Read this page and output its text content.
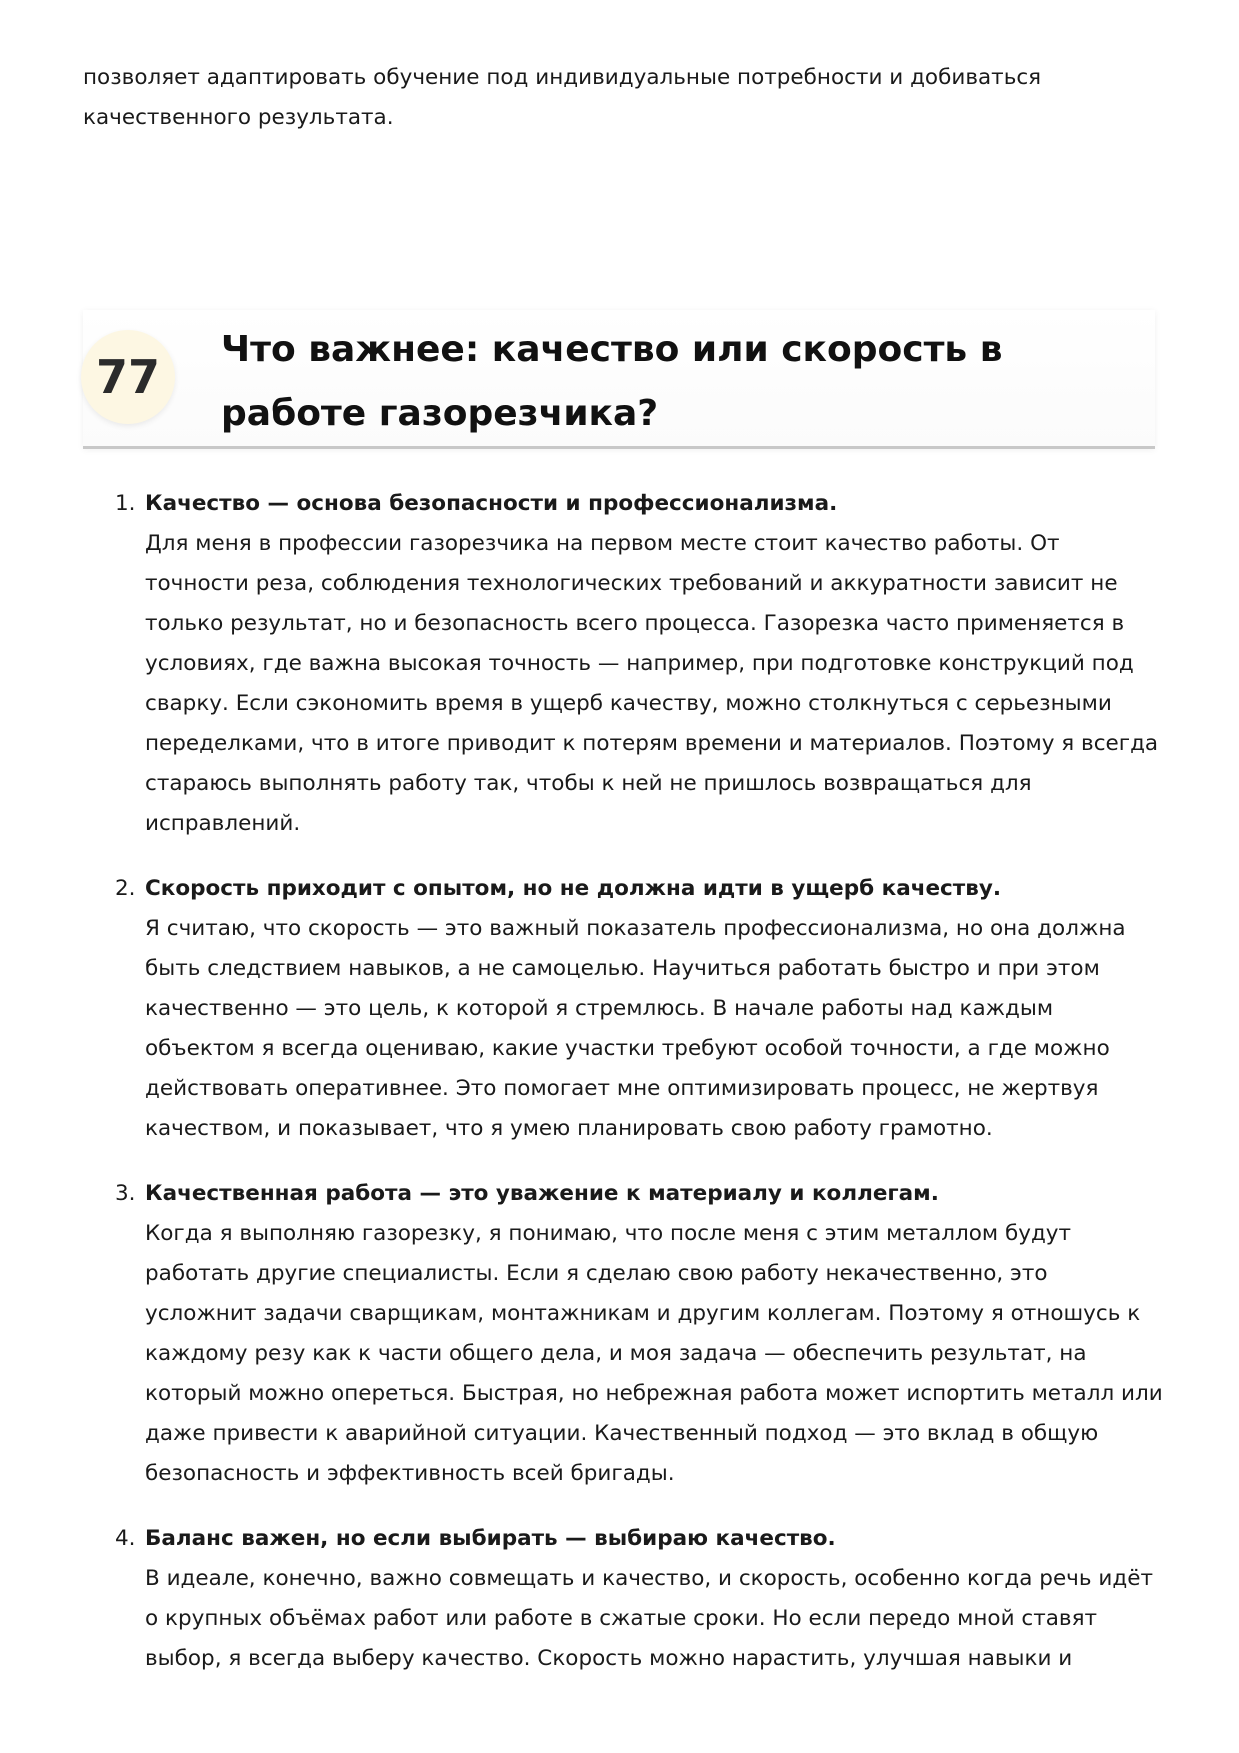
позволяет адаптировать обучение под индивидуальные потребности и добиваться качественного результата.

77
Что важнее: качество или скорость в работе газорезчика?
1. Качество — основа безопасности и профессионализма.
Для меня в профессии газорезчика на первом месте стоит качество работы. От точности реза, соблюдения технологических требований и аккуратности зависит не только результат, но и безопасность всего процесса. Газорезка часто применяется в условиях, где важна высокая точность — например, при подготовке конструкций под сварку. Если сэкономить время в ущерб качеству, можно столкнуться с серьезными переделками, что в итоге приводит к потерям времени и материалов. Поэтому я всегда стараюсь выполнять работу так, чтобы к ней не пришлось возвращаться для исправлений.
2. Скорость приходит с опытом, но не должна идти в ущерб качеству.
Я считаю, что скорость — это важный показатель профессионализма, но она должна быть следствием навыков, а не самоцелью. Научиться работать быстро и при этом качественно — это цель, к которой я стремлюсь. В начале работы над каждым объектом я всегда оцениваю, какие участки требуют особой точности, а где можно действовать оперативнее. Это помогает мне оптимизировать процесс, не жертвуя качеством, и показывает, что я умею планировать свою работу грамотно.
3. Качественная работа — это уважение к материалу и коллегам.
Когда я выполняю газорезку, я понимаю, что после меня с этим металлом будут работать другие специалисты. Если я сделаю свою работу некачественно, это усложнит задачи сварщикам, монтажникам и другим коллегам. Поэтому я отношусь к каждому резу как к части общего дела, и моя задача — обеспечить результат, на который можно опереться. Быстрая, но небрежная работа может испортить металл или даже привести к аварийной ситуации. Качественный подход — это вклад в общую безопасность и эффективность всей бригады.
4. Баланс важен, но если выбирать — выбираю качество.
В идеале, конечно, важно совмещать и качество, и скорость, особенно когда речь идёт о крупных объёмах работ или работе в сжатые сроки. Но если передо мной ставят выбор, я всегда выберу качество. Скорость можно нарастить, улучшая навыки и
